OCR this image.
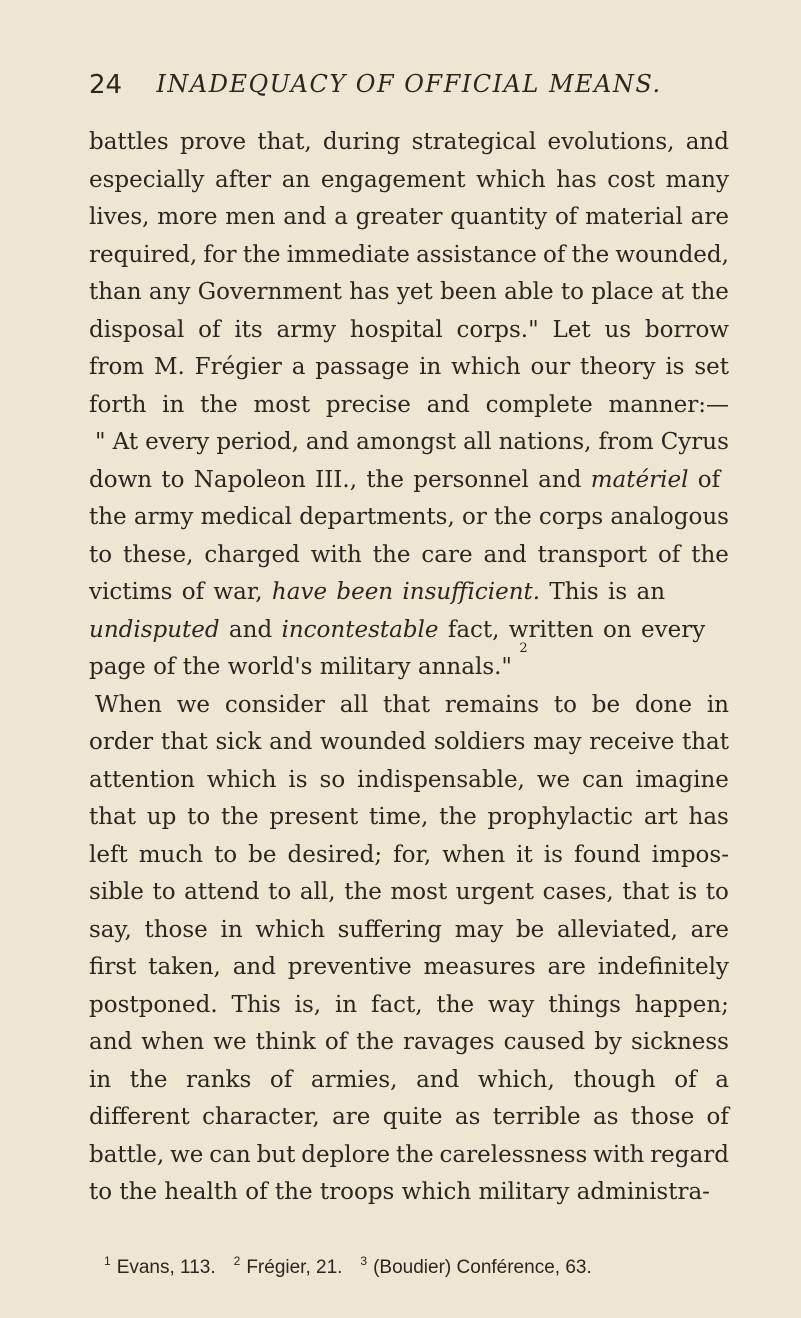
24	INADEQUACY OF OFFICIAL MEANS.
battles prove that, during strategical evolutions, and
especially after an engagement which has cost many
lives, more men and a greater quantity of material are
required, for the immediate assistance of the wounded,
than any Government has yet been able to place at the
disposal of its army hospital corps." Let us borrow
from M. Frégier a passage in which our theory is set
forth in the most precise and complete manner:—
" At every period, and amongst all nations, from Cyrus
down to Napoleon III., the personnel and matériel of
the army medical departments, or the corps analogous
to these, charged with the care and transport of the
victims of war, have been insufficient. This is an
undisputed and incontestable fact, written on every
page of the world's military annals."
2
When we consider all that remains to be done in
order that sick and wounded soldiers may receive that
attention which is so indispensable, we can imagine
that up to the present time, the prophylactic art has
left much to be desired; for, when it is found impos-
sible to attend to all, the most urgent cases, that is to
say, those in which suffering may be alleviated, are
first taken, and preventive measures are indefinitely
postponed. This is, in fact, the way things happen;
and when we think of the ravages caused by sickness
in the ranks of armies, and which, though of a
different character, are quite as terrible as those of
battle, we can but deplore the carelessness with regard
to the health of the troops which military administra-
$^1$ Evans, 113. $^2$ Frégier, 21. $^3$ (Boudier) Conférence, 63.
